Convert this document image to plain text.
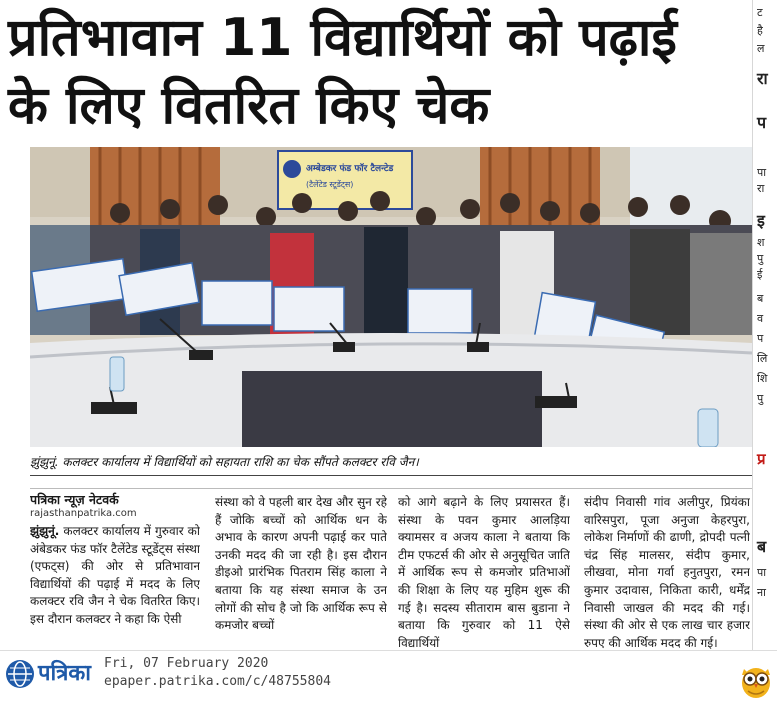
प्रतिभावान 11 विद्यार्थियों को पढ़ाई
के लिए वितरित किए चेक
ट
है
ल
रा
प
पा
रा
इ
श
पु
ई
ब
व
प
लि
शि
पु
प्र
ब
पा
ना
अम्बेडकर फंड फॉर टैलन्टेड
(टैलेंटेड स्टूडेंट्स)
झुंझुनूं. कलक्टर कार्यालय में विद्यार्थियों को सहायता राशि का चेक सौंपते कलक्टर रवि जैन।
पत्रिका न्यूज़ नेटवर्क
rajasthanpatrika.com
झुंझुनूं. कलक्टर कार्यालय में गुरुवार को अंबेडकर फंड फॉर टैलेंटेड स्टूडेंट्स संस्था (एफट्स) की ओर से प्रतिभावान विद्यार्थियों की पढ़ाई में मदद के लिए कलक्टर रवि जैन ने चेक वितरित किए। इस दौरान कलक्टर ने कहा कि ऐसी
संस्था को वे पहली बार देख और सुन रहे हैं जोकि बच्चों को आर्थिक धन के अभाव के कारण अपनी पढ़ाई कर पाते उनकी मदद की जा रही है। इस दौरान डीइओ प्रारंभिक पितराम सिंह काला ने बताया कि यह संस्था समाज के उन लोगों की सोच है जो कि आर्थिक रूप से कमजोर बच्चों
को आगे बढ़ाने के लिए प्रयासरत हैं। संस्था के पवन कुमार आलड़िया क्यामसर व अजय काला ने बताया कि टीम एफटर्स की ओर से अनुसूचित जाति में आर्थिक रूप से कमजोर प्रतिभाओं की शिक्षा के लिए यह मुहिम शुरू की गई है। सदस्य सीताराम बास बुडाना ने बताया कि गुरुवार को 11 ऐसे विद्यार्थियों
संदीप निवासी गांव अलीपुर, प्रियंका वारिसपुरा, पूजा अनुजा केहरपुरा, लोकेश निर्माणों की ढाणी, द्रोपदी पत्नी चंद्र सिंह मालसर, संदीप कुमार, लीखवा, मोना गर्वा हनुतपुरा, रमन कुमार उदावास, निकिता कारी, धर्मेंद्र निवासी जाखल की मदद की गई। संस्था की ओर से एक लाख चार हजार रुपए की आर्थिक मदद की गई।
पत्रिका Fri, 07 February 2020
epaper.patrika.com/c/48755804
